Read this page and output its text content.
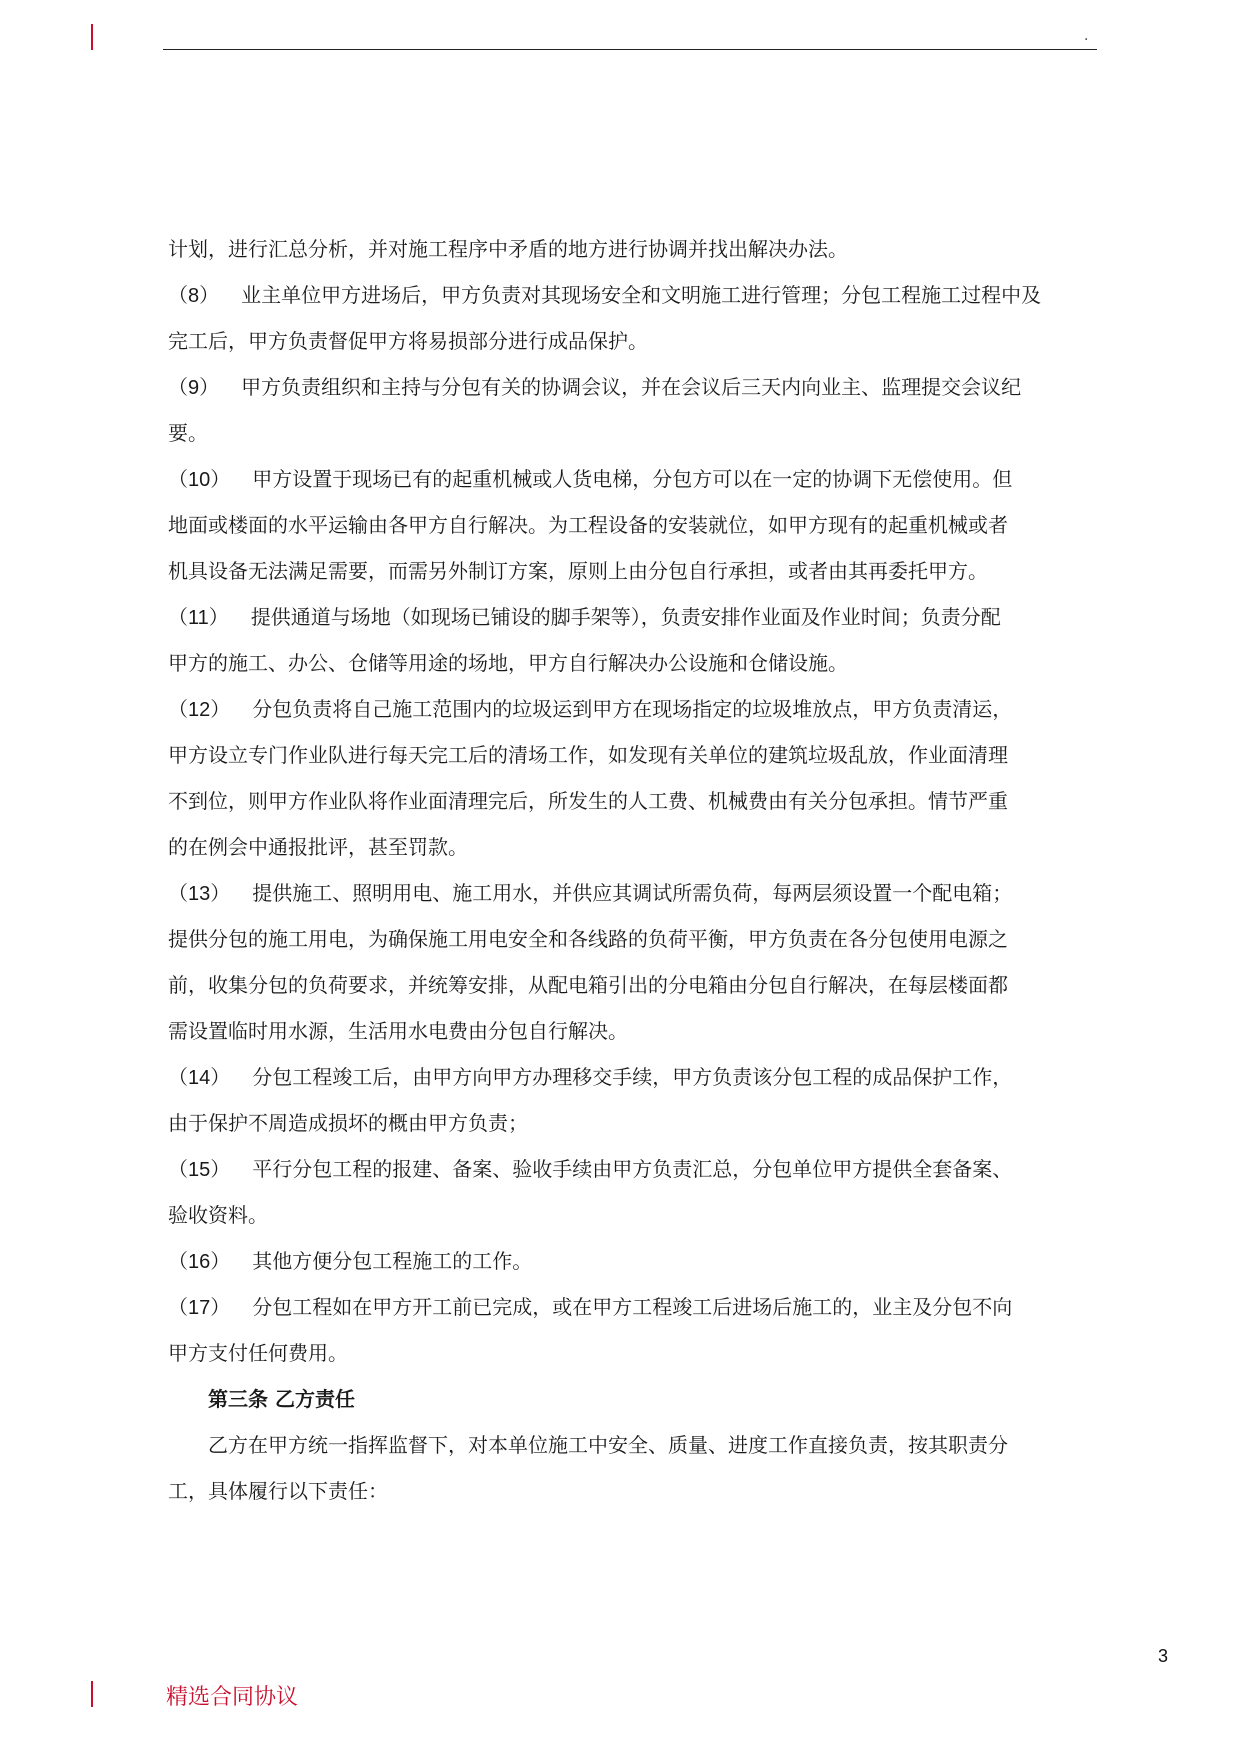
.
计划，进行汇总分析，并对施工程序中矛盾的地方进行协调并找出解决办法。
（8） 业主单位甲方进场后，甲方负责对其现场安全和文明施工进行管理；分包工程施工过程中及
完工后，甲方负责督促甲方将易损部分进行成品保护。
（9） 甲方负责组织和主持与分包有关的协调会议，并在会议后三天内向业主、监理提交会议纪
要。
（10） 甲方设置于现场已有的起重机械或人货电梯，分包方可以在一定的协调下无偿使用。但
地面或楼面的水平运输由各甲方自行解决。为工程设备的安装就位，如甲方现有的起重机械或者
机具设备无法满足需要，而需另外制订方案，原则上由分包自行承担，或者由其再委托甲方。
（11） 提供通道与场地（如现场已铺设的脚手架等），负责安排作业面及作业时间；负责分配
甲方的施工、办公、仓储等用途的场地，甲方自行解决办公设施和仓储设施。
（12） 分包负责将自己施工范围内的垃圾运到甲方在现场指定的垃圾堆放点，甲方负责清运，
甲方设立专门作业队进行每天完工后的清场工作，如发现有关单位的建筑垃圾乱放，作业面清理
不到位，则甲方作业队将作业面清理完后，所发生的人工费、机械费由有关分包承担。情节严重
的在例会中通报批评，甚至罚款。
（13） 提供施工、照明用电、施工用水，并供应其调试所需负荷，每两层须设置一个配电箱；
提供分包的施工用电，为确保施工用电安全和各线路的负荷平衡，甲方负责在各分包使用电源之
前，收集分包的负荷要求，并统筹安排，从配电箱引出的分电箱由分包自行解决，在每层楼面都
需设置临时用水源，生活用水电费由分包自行解决。
（14） 分包工程竣工后，由甲方向甲方办理移交手续，甲方负责该分包工程的成品保护工作，
由于保护不周造成损坏的概由甲方负责；
（15） 平行分包工程的报建、备案、验收手续由甲方负责汇总，分包单位甲方提供全套备案、
验收资料。
（16） 其他方便分包工程施工的工作。
（17） 分包工程如在甲方开工前已完成，或在甲方工程竣工后进场后施工的，业主及分包不向
甲方支付任何费用。
第三条 乙方责任
乙方在甲方统一指挥监督下，对本单位施工中安全、质量、进度工作直接负责，按其职责分
工，具体履行以下责任：
3
精选合同协议
